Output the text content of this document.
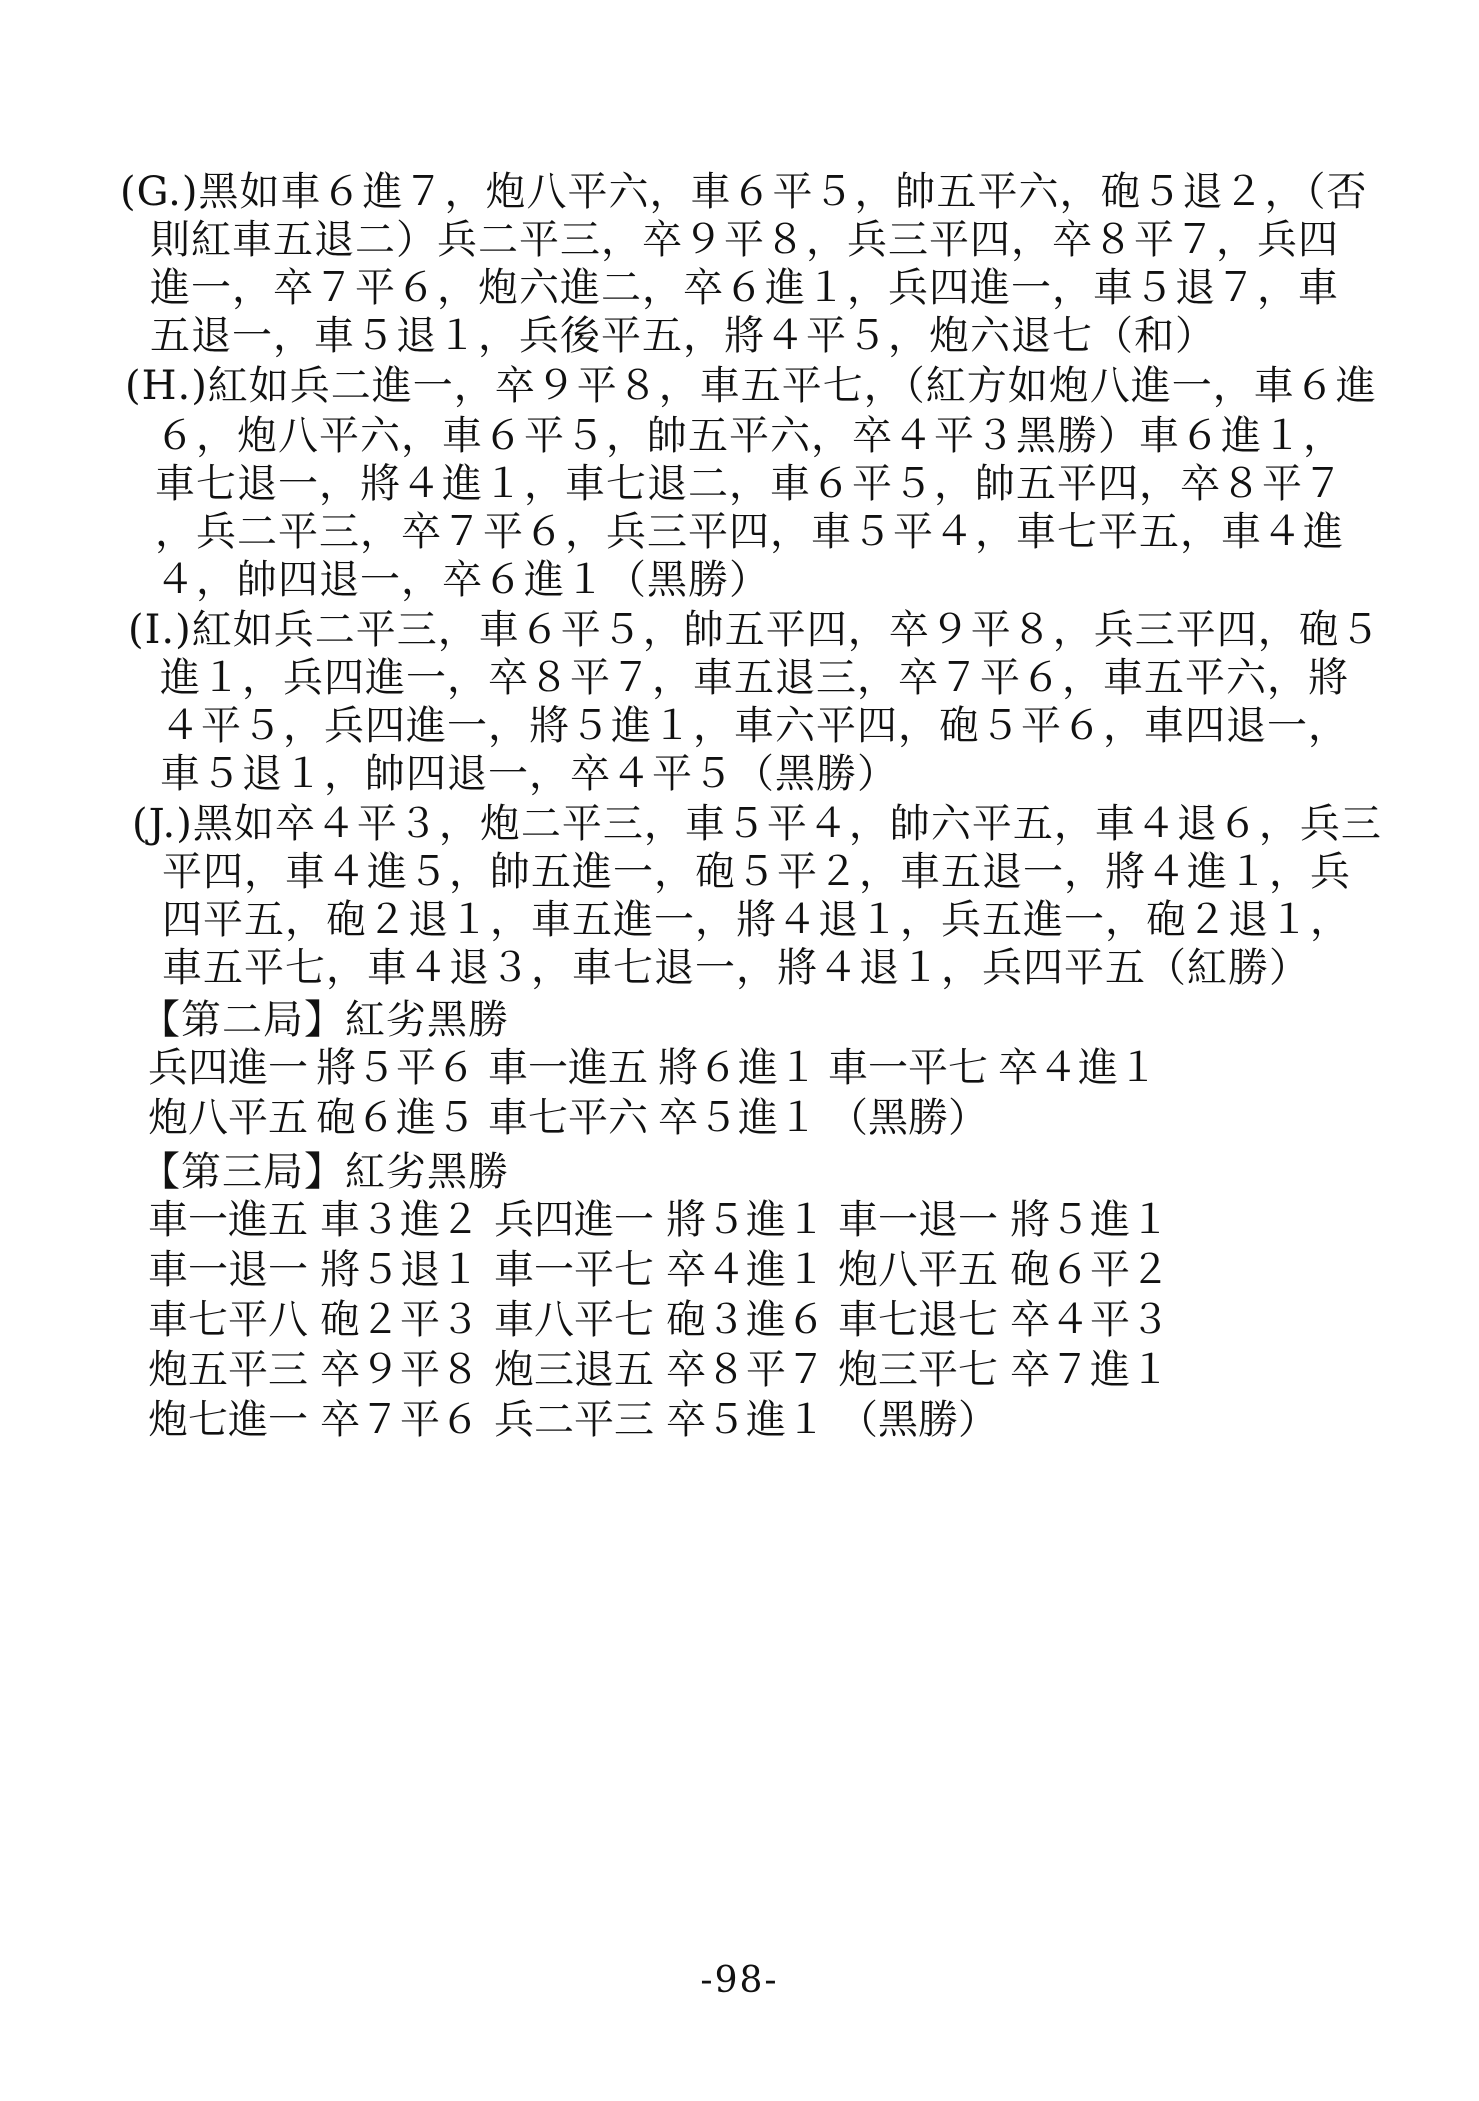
(G.)黑如車６進７，炮八平六，車６平５，帥五平六，砲５退２，（否
則紅車五退二）兵二平三，卒９平８，兵三平四，卒８平７，兵四
進一，卒７平６，炮六進二，卒６進１，兵四進一，車５退７，車
五退一，車５退１，兵後平五，將４平５，炮六退七（和）
(H.)紅如兵二進一，卒９平８，車五平七，（紅方如炮八進一，車６進
６，炮八平六，車６平５，帥五平六，卒４平３黑勝）車６進１，
車七退一，將４進１，車七退二，車６平５，帥五平四，卒８平７
，兵二平三，卒７平６，兵三平四，車５平４，車七平五，車４進
４，帥四退一，卒６進１（黑勝）
(I.)紅如兵二平三，車６平５，帥五平四，卒９平８，兵三平四，砲５
進１，兵四進一，卒８平７，車五退三，卒７平６，車五平六，將
４平５，兵四進一，將５進１，車六平四，砲５平６，車四退一，
車５退１，帥四退一，卒４平５（黑勝）
(J.)黑如卒４平３，炮二平三，車５平４，帥六平五，車４退６，兵三
平四，車４進５，帥五進一，砲５平２，車五退一，將４進１，兵
四平五，砲２退１，車五進一，將４退１，兵五進一，砲２退１，
車五平七，車４退３，車七退一，將４退１，兵四平五（紅勝）
【第二局】紅劣黑勝
兵四進一 將５平６ 車一進五 將６進１ 車一平七 卒４進１
炮八平五 砲６進５ 車七平六 卒５進１ （黑勝）
【第三局】紅劣黑勝
車一進五 車３進２ 兵四進一 將５進１ 車一退一 將５進１
車一退一 將５退１ 車一平七 卒４進１ 炮八平五 砲６平２
車七平八 砲２平３ 車八平七 砲３進６ 車七退七 卒４平３
炮五平三 卒９平８ 炮三退五 卒８平７ 炮三平七 卒７進１
炮七進一 卒７平６ 兵二平三 卒５進１ （黑勝）
-98-
